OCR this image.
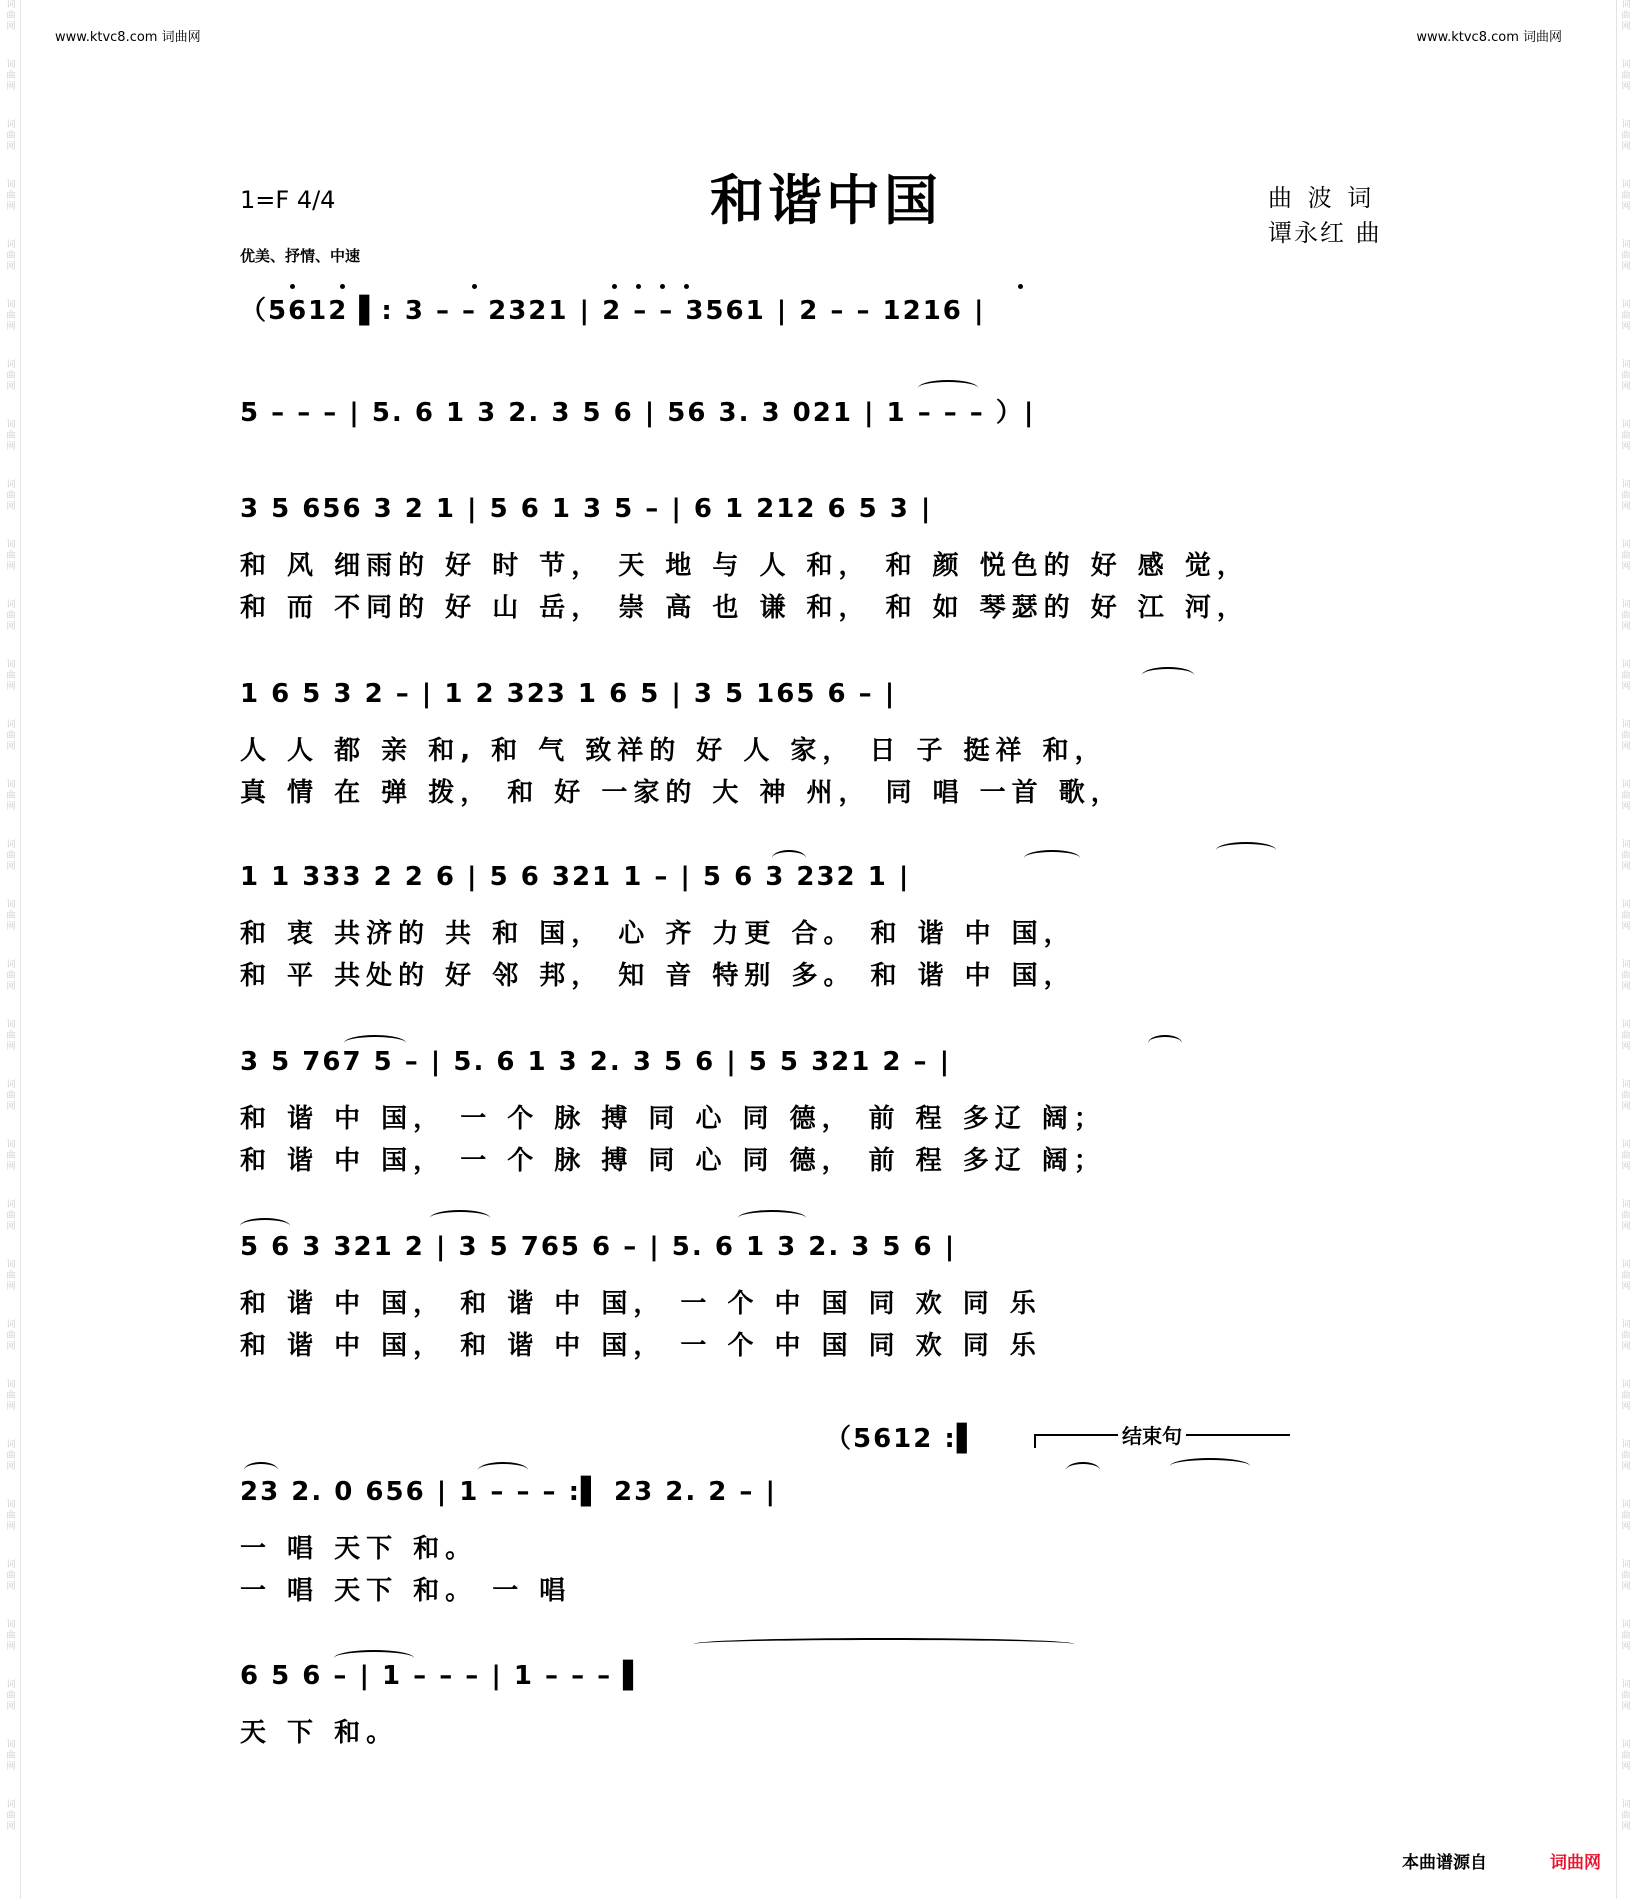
词曲网
词曲网
词曲网
词曲网
词曲网
词曲网
词曲网
词曲网
词曲网
词曲网
词曲网
词曲网
词曲网
词曲网
词曲网
词曲网
词曲网
词曲网
词曲网
词曲网
词曲网
词曲网
词曲网
词曲网
词曲网
词曲网
词曲网
词曲网
词曲网
词曲网
词曲网
词曲网
词曲网
词曲网
词曲网
词曲网
词曲网
词曲网
词曲网
词曲网
词曲网
词曲网
词曲网
词曲网
词曲网
词曲网
词曲网
词曲网
词曲网
词曲网
词曲网
词曲网
词曲网
词曲网
词曲网
词曲网
词曲网
词曲网
词曲网
词曲网
词曲网
词曲网
www.ktvc8.com 词曲网	www.ktvc8.com 词曲网
1=F 4/4	和谐中国	曲 波 词
谭永红 曲
优美、抒情、中速
（5612 ▌: 3 – – 2321 | 2 – – 3561 | 2 – – 1216 |
5 – – – | 5. 6 1 3 2. 3 5 6 | 56 3. 3 021 | 1 – – – ）|
3 5 656 3 2 1 | 5 6 1 3 5 – | 6 1 212 6 5 3 |
和 风 细雨的 好 时 节， 天 地 与 人 和， 和 颜 悦色的 好 感 觉，
和 而 不同的 好 山 岳， 崇 高 也 谦 和， 和 如 琴瑟的 好 江 河，
1 6 5 3 2 – | 1 2 323 1 6 5 | 3 5 165 6 – |
人 人 都 亲 和, 和 气 致祥的 好 人 家， 日 子 挺祥 和，
真 情 在 弹 拨， 和 好 一家的 大 神 州， 同 唱 一首 歌，
1 1 333 2 2 6 | 5 6 321 1 – | 5 6 3 232 1 |
和 衷 共济的 共 和 国， 心 齐 力更 合。 和 谐 中 国，
和 平 共处的 好 邻 邦， 知 音 特别 多。 和 谐 中 国，
3 5 767 5 – | 5. 6 1 3 2. 3 5 6 | 5 5 321 2 – |
和 谐 中 国， 一 个 脉 搏 同 心 同 德， 前 程 多辽 阔；
和 谐 中 国， 一 个 脉 搏 同 心 同 德， 前 程 多辽 阔；
5 6 3 321 2 | 3 5 765 6 – | 5. 6 1 3 2. 3 5 6 |
和 谐 中 国， 和 谐 中 国， 一 个 中 国 同 欢 同 乐
和 谐 中 国， 和 谐 中 国， 一 个 中 国 同 欢 同 乐
（5612 :▌	结束句
23 2. 0 656 | 1 – – – :▌ 23 2. 2 – |
一 唱 天下 和。
一 唱 天下 和。 一 唱
6 5 6 – | 1 – – – | 1 – – – ▌
天 下 和。
本曲谱源自	词曲网
